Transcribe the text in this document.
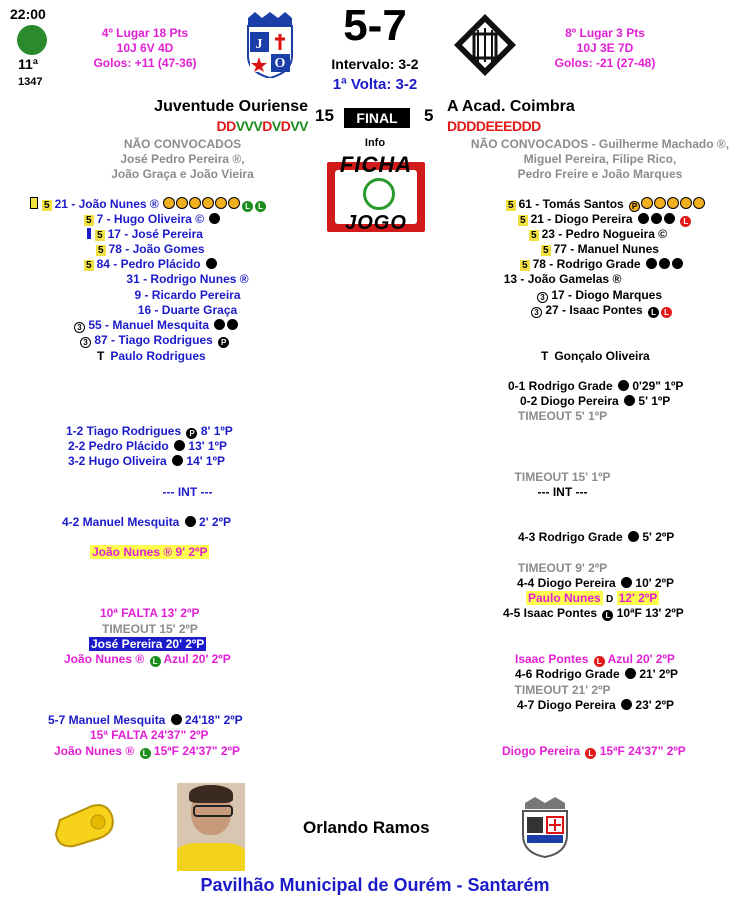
22:00
11ª
1347
4º Lugar 18 Pts
10J 6V 4D
Golos: +11 (47-36)
J
O
5-7
Intervalo: 3-2
1ª Volta: 3-2
8º Lugar 3 Pts
10J 3E 7D
Golos: -21 (27-48)
Juventude Ouriense 15	FINAL	5 A Acad. Coimbra
DDVVVDVDVV	DDDDEEEDDD
Info
FICHA
JOGO
NÃO CONVOCADOS
José Pedro Pereira ®,
João Graça e João Vieira
NÃO CONVOCADOS - Guilherme Machado ®,
Miguel Pereira, Filipe Rico,
Pedro Freire e João Marques
5 21 - João Nunes ®	L L
5 7 - Hugo Oliveira ©
5 17 - José Pereira
5 78 - João Gomes
5 84 - Pedro Plácido
31 - Rodrigo Nunes ®
9 - Ricardo Pereira
16 - Duarte Graça
3 55 - Manuel Mesquita
3 87 - Tiago Rodrigues P
T Paulo Rodrigues
5 61 - Tomás Santos P
5 21 - Diogo Pereira	L
5 23 - Pedro Nogueira ©
5 77 - Manuel Nunes
5 78 - Rodrigo Grade
13 - João Gamelas ®
3 17 - Diogo Marques
3 27 - Isaac Pontes L L
T Gonçalo Oliveira
0-1 Rodrigo Grade 0'29" 1ºP
0-2 Diogo Pereira 5' 1ºP
TIMEOUT 5' 1ºP
1-2 Tiago Rodrigues P 8' 1ºP
2-2 Pedro Plácido 13' 1ºP
3-2 Hugo Oliveira 14' 1ºP
TIMEOUT 15' 1ºP
--- INT ---	--- INT ---
4-2 Manuel Mesquita 2' 2ºP
4-3 Rodrigo Grade 5' 2ºP
João Nunes ® 9' 2ºP
TIMEOUT 9' 2ºP
4-4 Diogo Pereira 10' 2ºP
Paulo Nunes D 12' 2ºP
10ª FALTA 13' 2ºP	4-5 Isaac Pontes L 10ªF 13' 2ºP
TIMEOUT 15' 2ºP
José Pereira 20' 2ºP
João Nunes ® L Azul 20' 2ºP	Isaac Pontes L Azul 20' 2ºP
4-6 Rodrigo Grade 21' 2ºP
TIMEOUT 21' 2ºP
4-7 Diogo Pereira 23' 2ºP
5-7 Manuel Mesquita 24'18" 2ºP
15ª FALTA 24'37" 2ºP
João Nunes ® L 15ªF 24'37" 2ºP	Diogo Pereira L 15ªF 24'37" 2ºP
Orlando Ramos
Pavilhão Municipal de Ourém - Santarém
